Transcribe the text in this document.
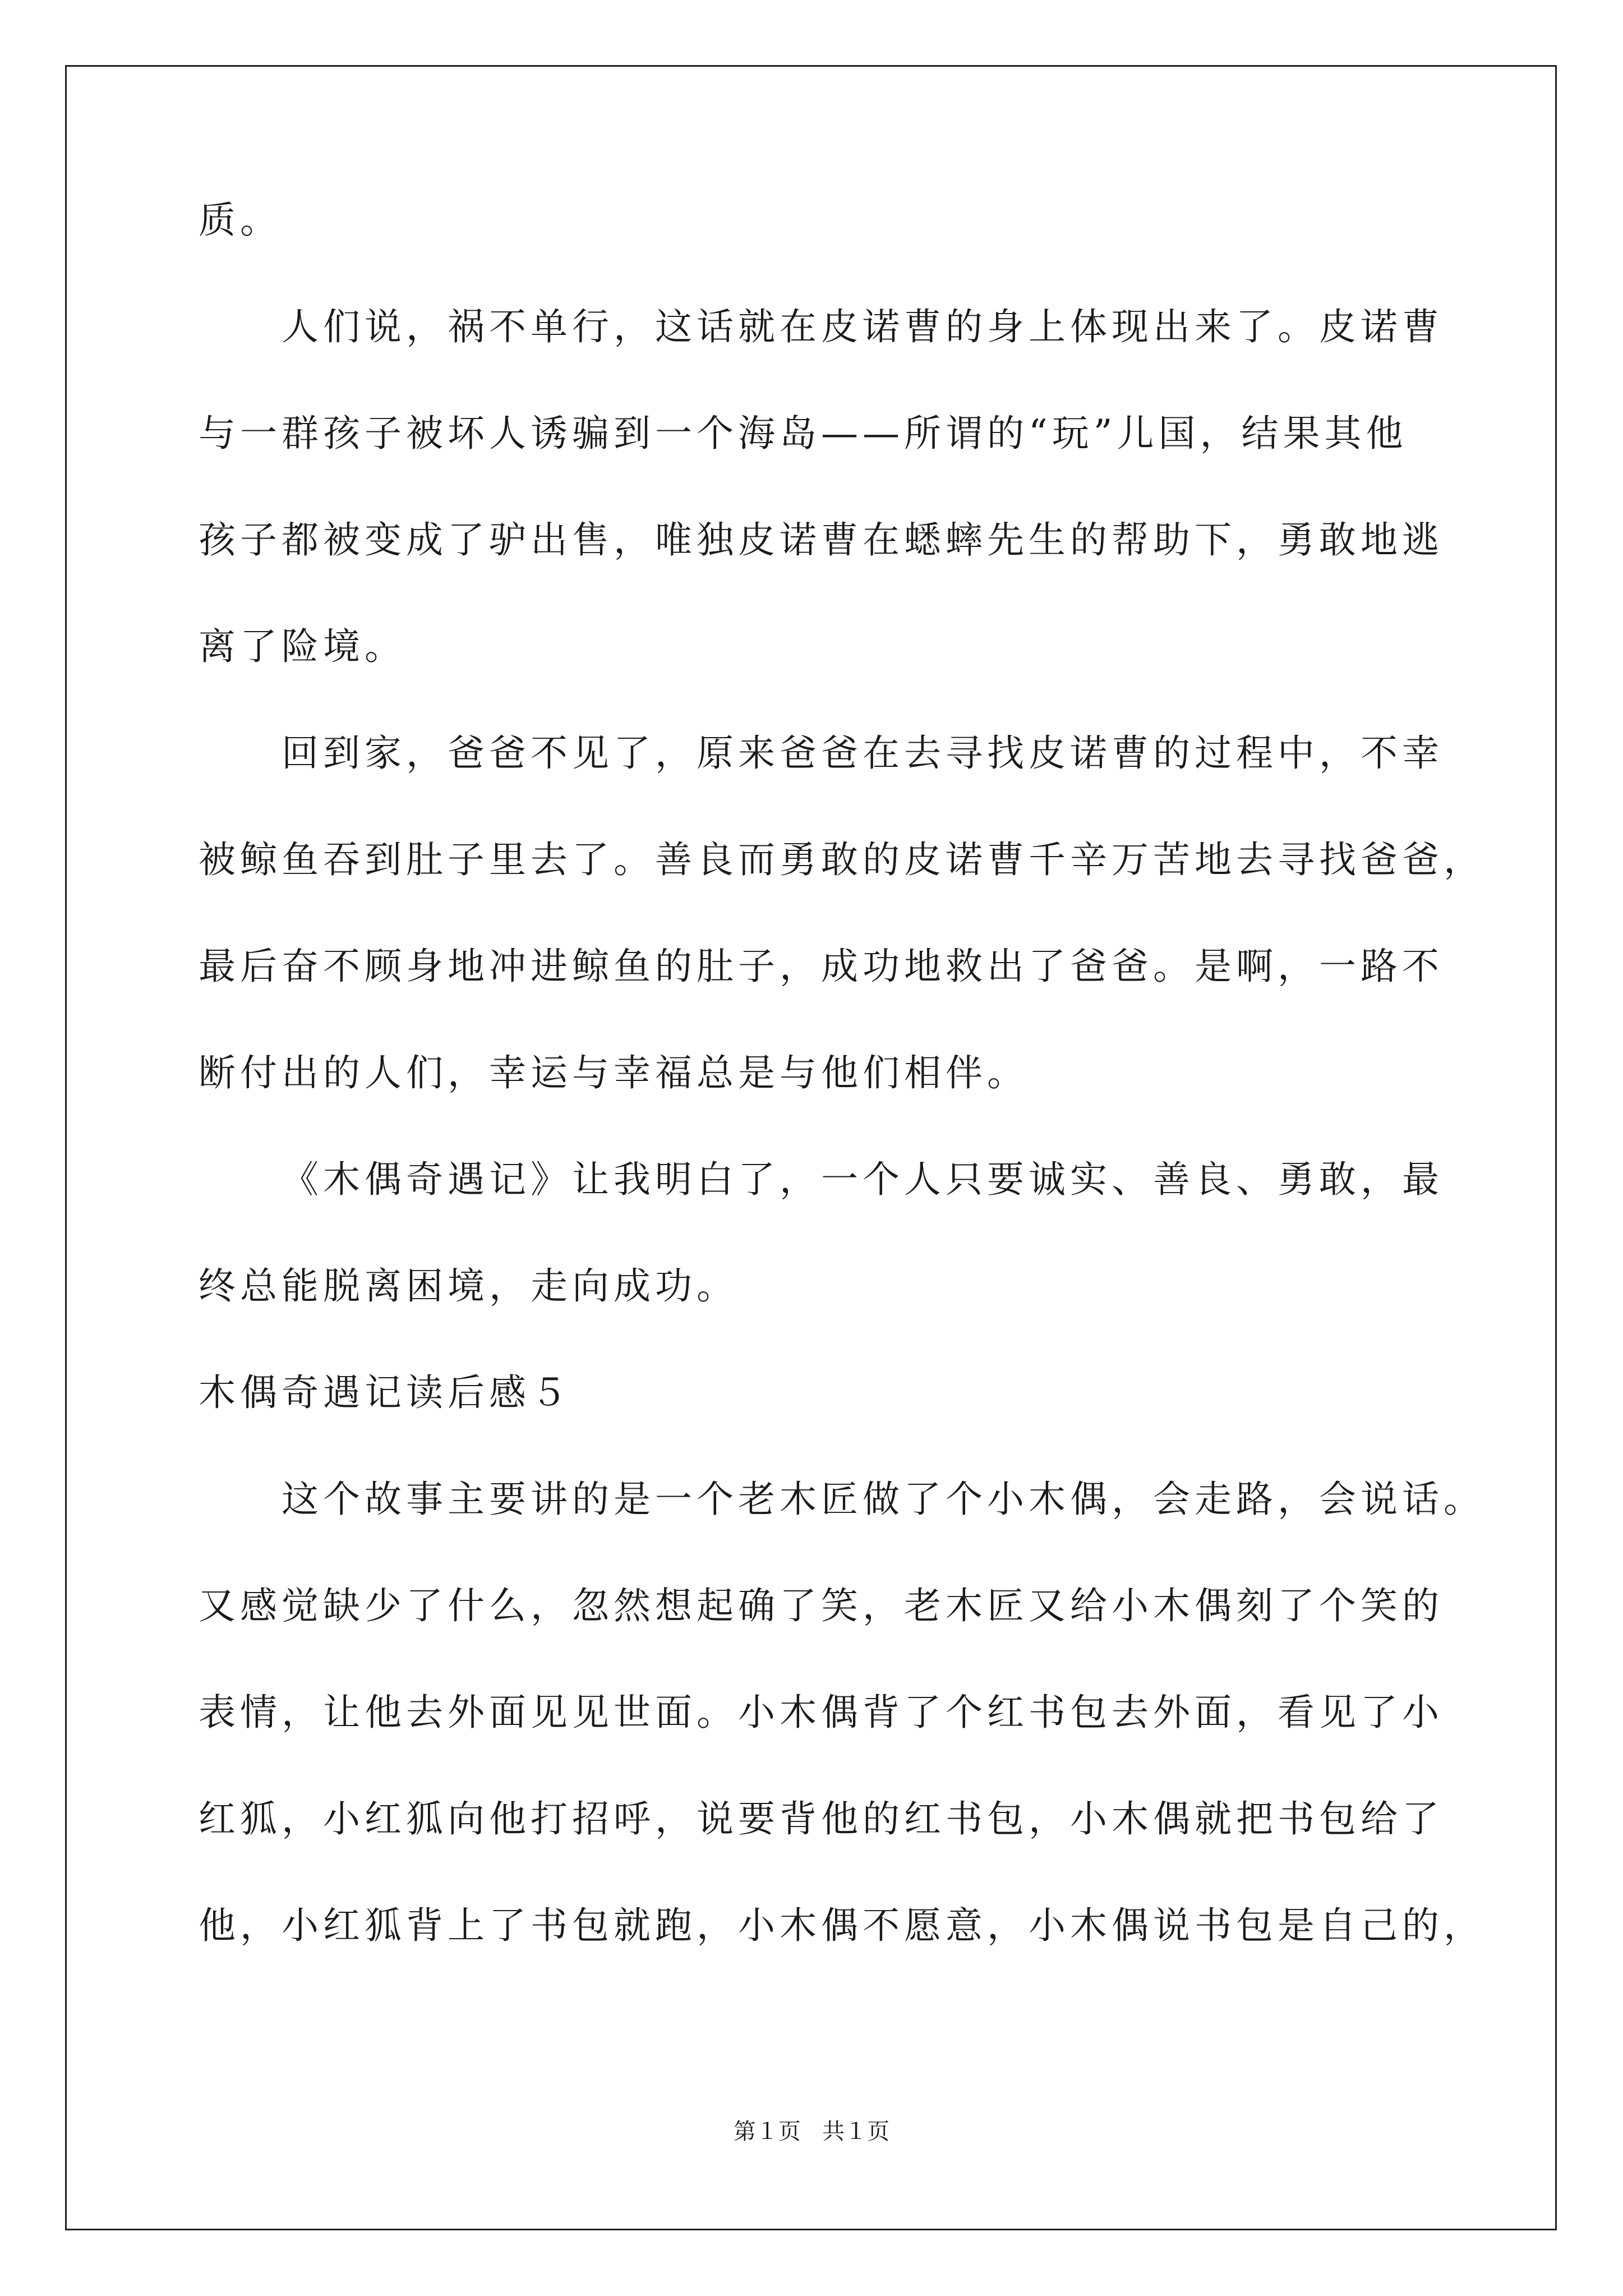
质。
人们说，祸不单行，这话就在皮诺曹的身上体现出来了。皮诺曹
与一群孩子被坏人诱骗到一个海岛——所谓的“玩”儿国，结果其他
孩子都被变成了驴出售，唯独皮诺曹在蟋蟀先生的帮助下，勇敢地逃
离了险境。
回到家，爸爸不见了，原来爸爸在去寻找皮诺曹的过程中，不幸
被鲸鱼吞到肚子里去了。善良而勇敢的皮诺曹千辛万苦地去寻找爸爸，
最后奋不顾身地冲进鲸鱼的肚子，成功地救出了爸爸。是啊，一路不
断付出的人们，幸运与幸福总是与他们相伴。
《木偶奇遇记》让我明白了，一个人只要诚实、善良、勇敢，最
终总能脱离困境，走向成功。
木偶奇遇记读后感５
这个故事主要讲的是一个老木匠做了个小木偶，会走路，会说话。
又感觉缺少了什么，忽然想起确了笑，老木匠又给小木偶刻了个笑的
表情，让他去外面见见世面。小木偶背了个红书包去外面，看见了小
红狐，小红狐向他打招呼，说要背他的红书包，小木偶就把书包给了
他，小红狐背上了书包就跑，小木偶不愿意，小木偶说书包是自己的，
第１页   共１页
